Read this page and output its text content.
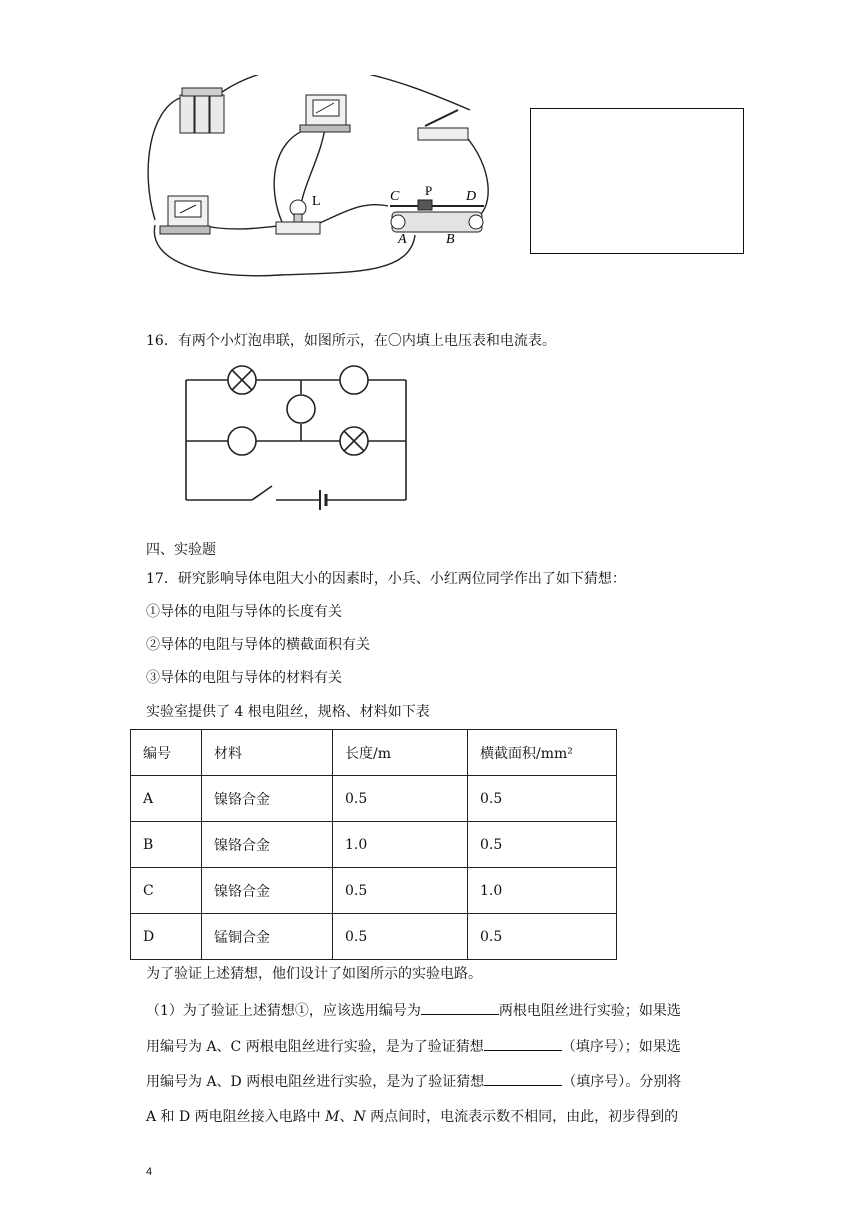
C P D
A	B
L
16．有两个小灯泡串联，如图所示，在〇内填上电压表和电流表。
四、实验题
17．研究影响导体电阻大小的因素时，小兵、小红两位同学作出了如下猜想：
①导体的电阻与导体的长度有关
②导体的电阻与导体的横截面积有关
③导体的电阻与导体的材料有关
实验室提供了 4 根电阻丝，规格、材料如下表
编号	材料	长度/m	横截面积/mm²
A	镍铬合金	0.5	0.5
B	镍铬合金	1.0	0.5
C	镍铬合金	0.5	1.0
D	锰铜合金	0.5	0.5
为了验证上述猜想，他们设计了如图所示的实验电路。
（1）为了验证上述猜想①，应该选用编号为	两根电阻丝进行实验；如果选
用编号为 A、C 两根电阻丝进行实验，是为了验证猜想	（填序号）；如果选
用编号为 A、D 两根电阻丝进行实验，是为了验证猜想	（填序号）。分别将
A 和 D 两电阻丝接入电路中 M、N 两点间时，电流表示数不相同，由此，初步得到的
4
